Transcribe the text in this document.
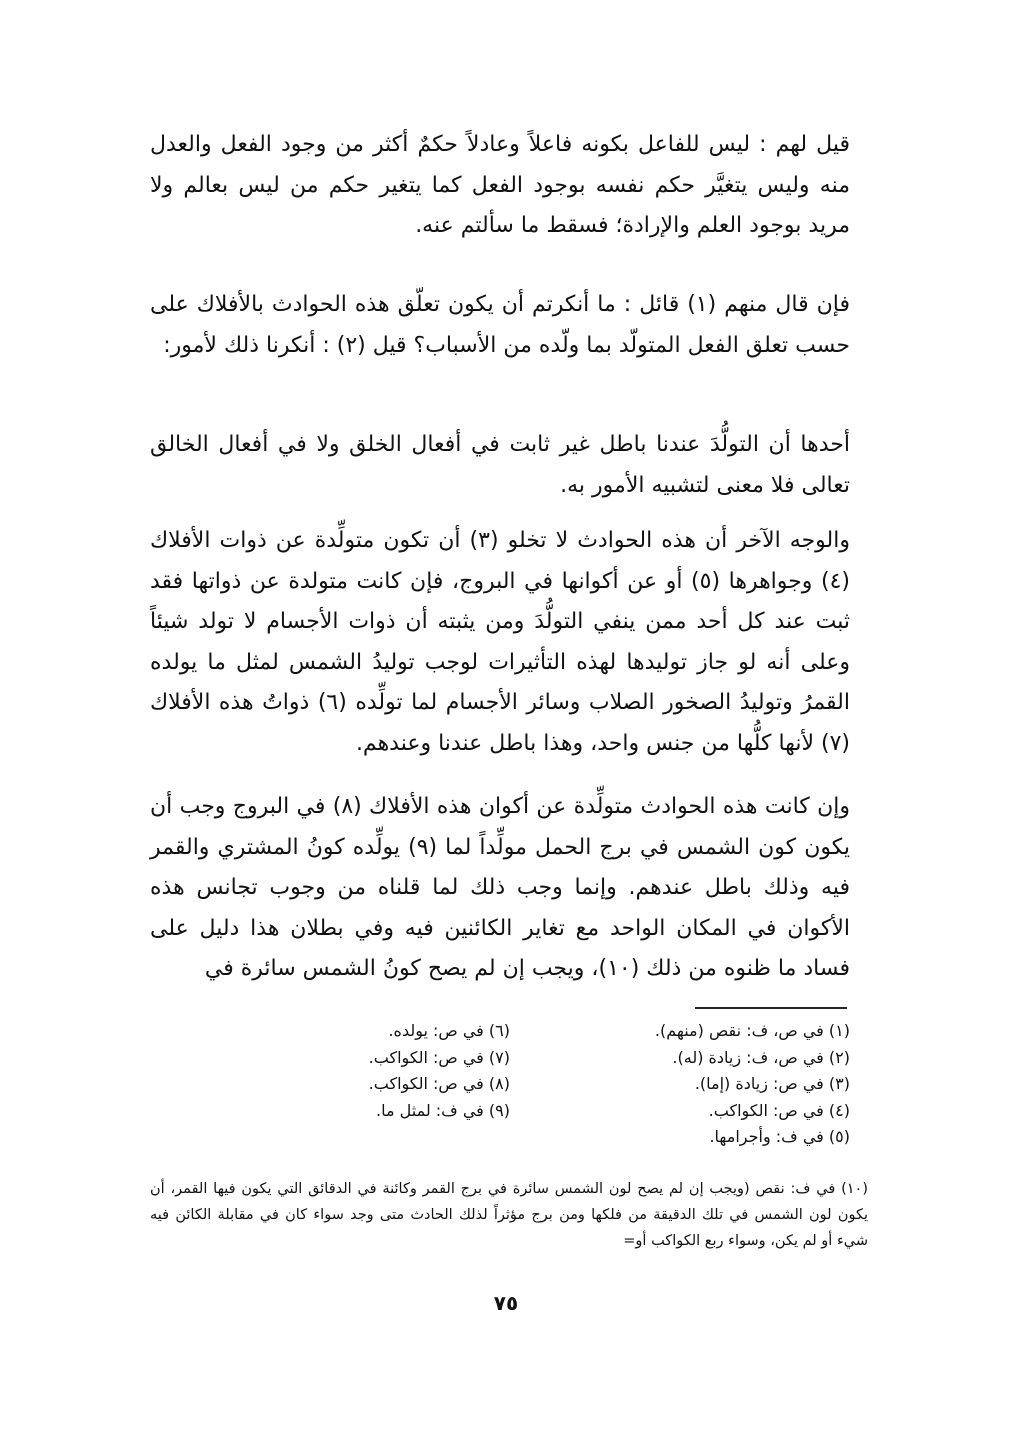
قيل لهم : ليس للفاعل بكونه فاعلاً وعادلاً حكمٌ أكثر من وجود الفعل والعدل منه وليس يتغيَّر حكم نفسه بوجود الفعل كما يتغير حكم من ليس بعالم ولا مريد بوجود العلم والإرادة؛ فسقط ما سألتم عنه.

فإن قال منهم (١) قائل : ما أنكرتم أن يكون تعلّق هذه الحوادث بالأفلاك على حسب تعلق الفعل المتولّد بما ولّده من الأسباب؟ قيل (٢) : أنكرنا ذلك لأمور:

أحدها أن التولُّدَ عندنا باطل غير ثابت في أفعال الخلق ولا في أفعال الخالق تعالى فلا معنى لتشبيه الأمور به.

والوجه الآخر أن هذه الحوادث لا تخلو (٣) أن تكون متولِّدة عن ذوات الأفلاك (٤) وجواهرها (٥) أو عن أكوانها في البروج، فإن كانت متولدة عن ذواتها فقد ثبت عند كل أحد ممن ينفي التولُّدَ ومن يثبته أن ذوات الأجسام لا تولد شيئاً وعلى أنه لو جاز توليدها لهذه التأثيرات لوجب توليدُ الشمس لمثل ما يولده القمرُ وتوليدُ الصخور الصلاب وسائر الأجسام لما تولِّده (٦) ذواتُ هذه الأفلاك (٧) لأنها كلُّها من جنس واحد، وهذا باطل عندنا وعندهم.

وإن كانت هذه الحوادث متولِّدة عن أكوان هذه الأفلاك (٨) في البروج وجب أن يكون كون الشمس في برج الحمل مولِّداً لما (٩) يولِّده كونُ المشتري والقمر فيه وذلك باطل عندهم. وإنما وجب ذلك لما قلناه من وجوب تجانس هذه الأكوان في المكان الواحد مع تغاير الكائنين فيه وفي بطلان هذا دليل على فساد ما ظنوه من ذلك (١٠)، ويجب إن لم يصح كونُ الشمس سائرة في

(١) في ص، ف: نقص (منهم).
(٢) في ص، ف: زيادة (له).
(٣) في ص: زيادة (إما).
(٤) في ص: الكواكب.
(٥) في ف: وأجرامها.
(٦) في ص: يولده.
(٧) في ص: الكواكب.
(٨) في ص: الكواكب.
(٩) في ف: لمثل ما.
(١٠) في ف: نقص (ويجب إن لم يصح لون الشمس سائرة في برج القمر وكائنة في الدقائق التي يكون فيها القمر، أن يكون لون الشمس في تلك الدقيقة من فلكها ومن برج مؤثراً لذلك الحادث متى وجد سواء كان في مقابلة الكائن فيه شيء أو لم يكن، وسواء ربع الكواكب أو=
٧٥
